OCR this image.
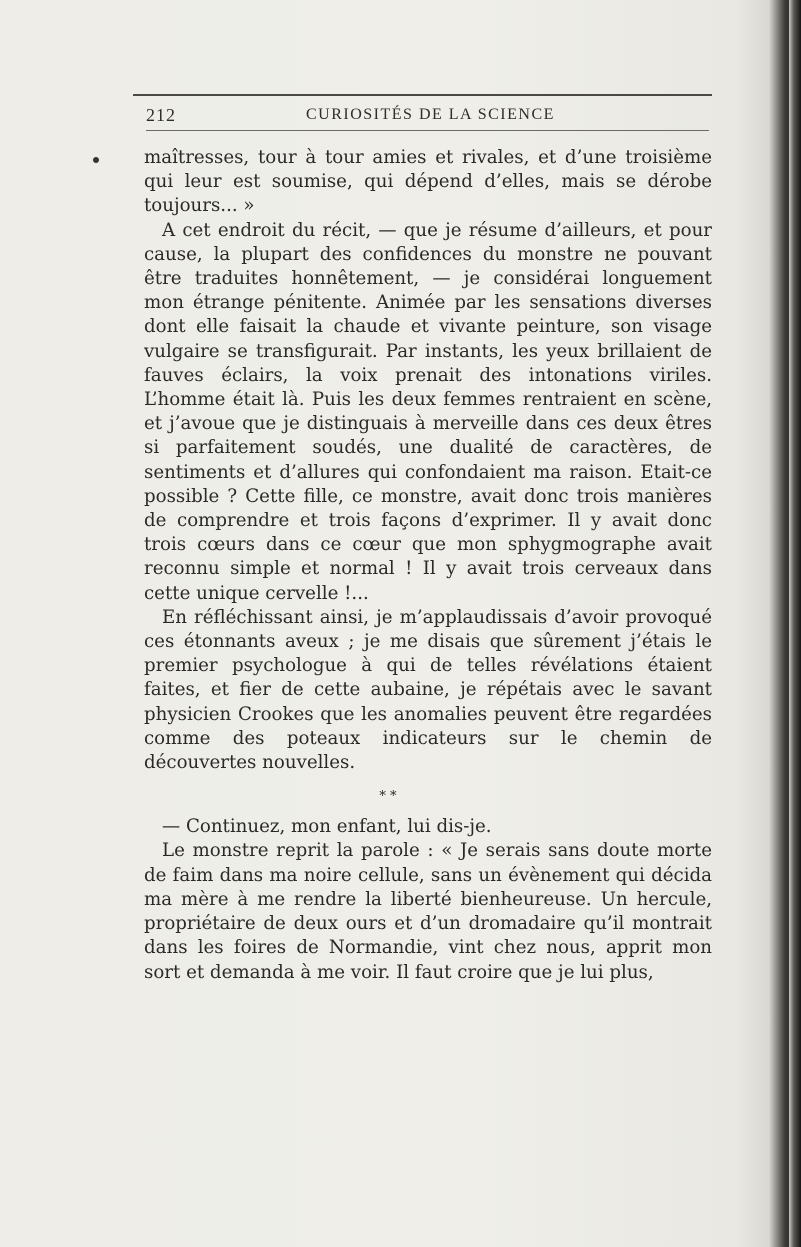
212	CURIOSITÉS DE LA SCIENCE

maîtresses, tour à tour amies et rivales, et d’une troisième qui leur est soumise, qui dépend d’elles, mais se dérobe toujours... »

A cet endroit du récit, — que je résume d’ailleurs, et pour cause, la plupart des confidences du monstre ne pouvant être traduites honnêtement, — je considérai longuement mon étrange pénitente. Animée par les sensations diverses dont elle faisait la chaude et vivante peinture, son visage vulgaire se transfigurait. Par instants, les yeux brillaient de fauves éclairs, la voix prenait des intonations viriles. L’homme était là. Puis les deux femmes rentraient en scène, et j’avoue que je distinguais à merveille dans ces deux êtres si parfaitement soudés, une dualité de caractères, de sentiments et d’allures qui confondaient ma raison. Etait-ce possible ? Cette fille, ce monstre, avait donc trois manières de comprendre et trois façons d’exprimer. Il y avait donc trois cœurs dans ce cœur que mon sphygmographe avait reconnu simple et normal ! Il y avait trois cerveaux dans cette unique cervelle !...

En réfléchissant ainsi, je m’applaudissais d’avoir provoqué ces étonnants aveux ; je me disais que sûrement j’étais le premier psychologue à qui de telles révélations étaient faites, et fier de cette aubaine, je répétais avec le savant physicien Crookes que les anomalies peuvent être regardées comme des poteaux indicateurs sur le chemin de découvertes nouvelles.

* *

— Continuez, mon enfant, lui dis-je.

Le monstre reprit la parole : « Je serais sans doute morte de faim dans ma noire cellule, sans un évènement qui décida ma mère à me rendre la liberté bienheureuse. Un hercule, propriétaire de deux ours et d’un dromadaire qu’il montrait dans les foires de Normandie, vint chez nous, apprit mon sort et demanda à me voir. Il faut croire que je lui plus,
